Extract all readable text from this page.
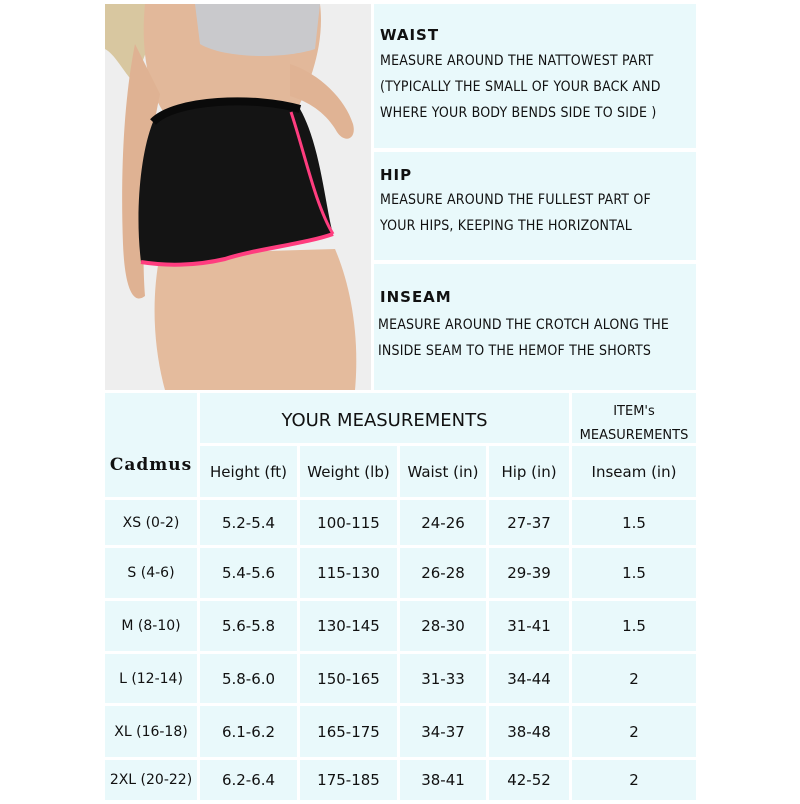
WAIST
MEASURE AROUND THE NATTOWEST PART
(TYPICALLY THE SMALL OF YOUR BACK AND
WHERE YOUR BODY BENDS SIDE TO SIDE )
HIP
MEASURE AROUND THE FULLEST PART OF
YOUR HIPS, KEEPING THE HORIZONTAL
INSEAM
MEASURE AROUND THE CROTCH ALONG THE
INSIDE SEAM TO THE HEMOF THE SHORTS
Cadmus
YOUR MEASUREMENTS	ITEM's
MEASUREMENTS
Height (ft)	Weight (lb)	Waist (in)	Hip (in)	Inseam (in)
XS (0-2)	5.2-5.4	100-115	24-26	27-37	1.5
S (4-6)	5.4-5.6	115-130	26-28	29-39	1.5
M (8-10)	5.6-5.8	130-145	28-30	31-41	1.5
L (12-14)	5.8-6.0	150-165	31-33	34-44	2
XL (16-18)	6.1-6.2	165-175	34-37	38-48	2
2XL (20-22)	6.2-6.4	175-185	38-41	42-52	2
